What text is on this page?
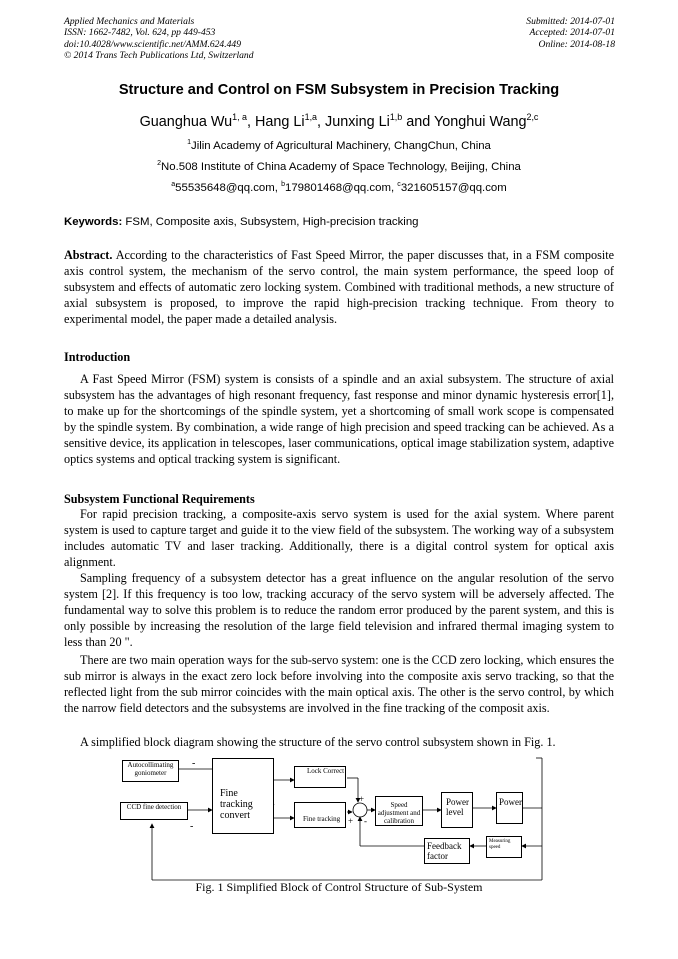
Applied Mechanics and Materials
ISSN: 1662-7482, Vol. 624, pp 449-453
doi:10.4028/www.scientific.net/AMM.624.449
© 2014 Trans Tech Publications Ltd, Switzerland
Submitted: 2014-07-01
Accepted: 2014-07-01
Online: 2014-08-18
Structure and Control on FSM Subsystem in Precision Tracking
Guanghua Wu$^{1, a}$, Hang Li$^{1,a}$, Junxing Li$^{1,b}$ and Yonghui Wang$^{2,c}$
$^1$Jilin Academy of Agricultural Machinery, ChangChun, China
$^2$No.508 Institute of China Academy of Space Technology, Beijing, China
$^a$55535648@qq.com, $^b$179801468@qq.com, $^c$321605157@qq.com
Keywords: FSM, Composite axis, Subsystem, High-precision tracking
Abstract. According to the characteristics of Fast Speed Mirror, the paper discusses that, in a FSM composite axis control system, the mechanism of the servo control, the main system performance, the speed loop of subsystem and effects of automatic zero locking system. Combined with traditional methods, a new structure of axial subsystem is proposed, to improve the rapid high-precision tracking technique. From theory to experimental model, the paper made a detailed analysis.
Introduction
A Fast Speed Mirror (FSM) system is consists of a spindle and an axial subsystem. The structure of axial subsystem has the advantages of high resonant frequency, fast response and minor dynamic hysteresis error[1], to make up for the shortcomings of the spindle system, yet a shortcoming of small work scope is compensated by the spindle system. By combination, a wide range of high precision and speed tracking can be achieved. As a sensitive device, its application in telescopes, laser communications, optical image stabilization system, adaptive optics systems and optical tracking system is significant.
Subsystem Functional Requirements
For rapid precision tracking, a composite-axis servo system is used for the axial system. Where parent system is used to capture target and guide it to the view field of the subsystem. The working way of a subsystem includes automatic TV and laser tracking. Additionally, there is a digital control system for optical axis alignment.
Sampling frequency of a subsystem detector has a great influence on the angular resolution of the servo system [2]. If this frequency is too low, tracking accuracy of the servo system will be adversely affected. The fundamental way to solve this problem is to reduce the random error produced by the parent system, and this is only possible by increasing the resolution of the large field television and infrared thermal imaging system to less than 20 ".
There are two main operation ways for the sub-servo system: one is the CCD zero locking, which ensures the sub mirror is always in the exact zero lock before involving into the composite axis servo tracking, so that the reflected light from the sub mirror coincides with the main optical axis. The other is the servo control, by which the narrow field detectors and the subsystems are involved in the fine tracking of the composit axis.
A simplified block diagram showing the structure of the servo control subsystem shown in Fig. 1.
Autocollimating goniometer
CCD fine detection
Fine tracking convert
Lock Correct
Fine tracking
Speed adjustment and calibration
Power level
Power
Feedback factor
Measuring speed
-
-
+
+ -
Fig. 1 Simplified Block of Control Structure of Sub-System
